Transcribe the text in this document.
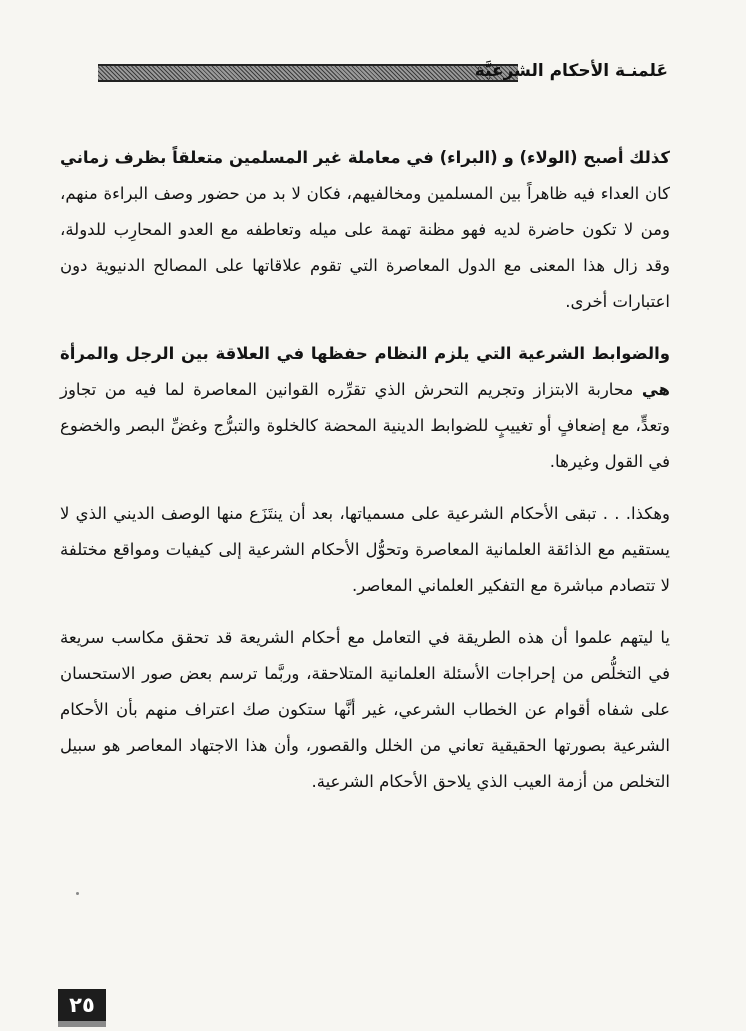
عَلمنـة الأحكام الشرعيَّة

كذلك أصبح (الولاء) و (البراء) في معاملة غير المسلمين متعلقاً بظرف زماني كان العداء فيه ظاهراً بين المسلمين ومخالفيهم، فكان لا بد من حضور وصف البراءة منهم، ومن لا تكون حاضرة لديه فهو مظنة تهمة على ميله وتعاطفه مع العدو المحارِب للدولة، وقد زال هذا المعنى مع الدول المعاصرة التي تقوم علاقاتها على المصالح الدنيوية دون اعتبارات أخرى.

والضوابط الشرعية التي يلزم النظام حفظها في العلاقة بين الرجل والمرأة هي محاربة الابتزاز وتجريم التحرش الذي تقرِّره القوانين المعاصرة لما فيه من تجاوز وتعدٍّ، مع إضعافٍ أو تغييبٍ للضوابط الدينية المحضة كالخلوة والتبرُّج وغضِّ البصر والخضوع في القول وغيرها.

وهكذا. . . تبقى الأحكام الشرعية على مسمياتها، بعد أن ينتَزَع منها الوصف الديني الذي لا يستقيم مع الذائقة العلمانية المعاصرة وتحوُّل الأحكام الشرعية إلى كيفيات ومواقع مختلفة لا تتصادم مباشرة مع التفكير العلماني المعاصر.

يا ليتهم علموا أن هذه الطريقة في التعامل مع أحكام الشريعة قد تحقق مكاسب سريعة في التخلُّص من إحراجات الأسئلة العلمانية المتلاحقة، وربَّما ترسم بعض صور الاستحسان على شفاه أقوام عن الخطاب الشرعي، غير أنَّها ستكون صك اعتراف منهم بأن الأحكام الشرعية بصورتها الحقيقية تعاني من الخلل والقصور، وأن هذا الاجتهاد المعاصر هو سبيل التخلص من أزمة العيب الذي يلاحق الأحكام الشرعية.

٢٥
